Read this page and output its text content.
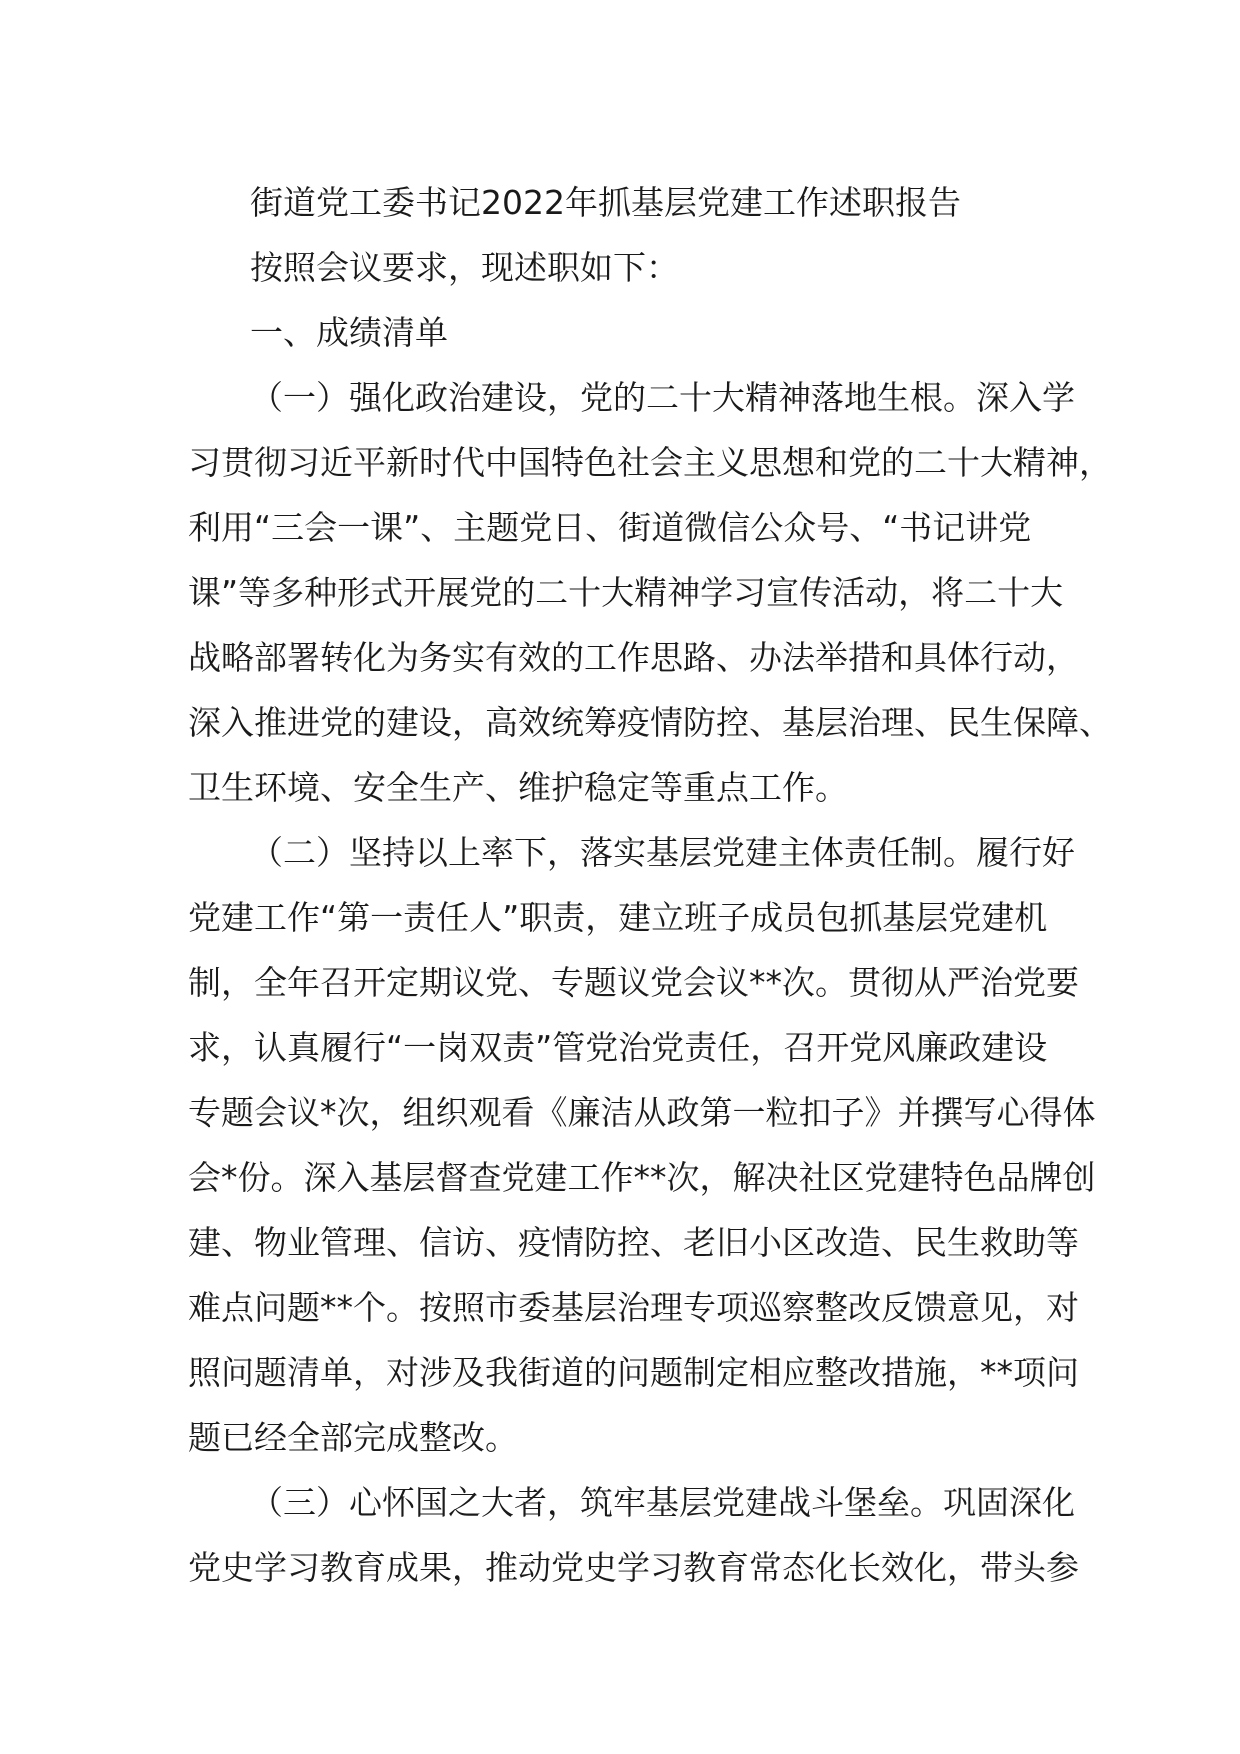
街道党工委书记2022年抓基层党建工作述职报告
按照会议要求，现述职如下：
一、成绩清单
（一）强化政治建设，党的二十大精神落地生根。深入学
习贯彻习近平新时代中国特色社会主义思想和党的二十大精神，
利用“三会一课”、主题党日、街道微信公众号、“书记讲党
课”等多种形式开展党的二十大精神学习宣传活动，将二十大
战略部署转化为务实有效的工作思路、办法举措和具体行动，
深入推进党的建设，高效统筹疫情防控、基层治理、民生保障、
卫生环境、安全生产、维护稳定等重点工作。
（二）坚持以上率下，落实基层党建主体责任制。履行好
党建工作“第一责任人”职责，建立班子成员包抓基层党建机
制，全年召开定期议党、专题议党会议**次。贯彻从严治党要
求，认真履行“一岗双责”管党治党责任，召开党风廉政建设
专题会议*次，组织观看《廉洁从政第一粒扣子》并撰写心得体
会*份。深入基层督查党建工作**次，解决社区党建特色品牌创
建、物业管理、信访、疫情防控、老旧小区改造、民生救助等
难点问题**个。按照市委基层治理专项巡察整改反馈意见，对
照问题清单，对涉及我街道的问题制定相应整改措施，**项问
题已经全部完成整改。
（三）心怀国之大者，筑牢基层党建战斗堡垒。巩固深化
党史学习教育成果，推动党史学习教育常态化长效化，带头参
